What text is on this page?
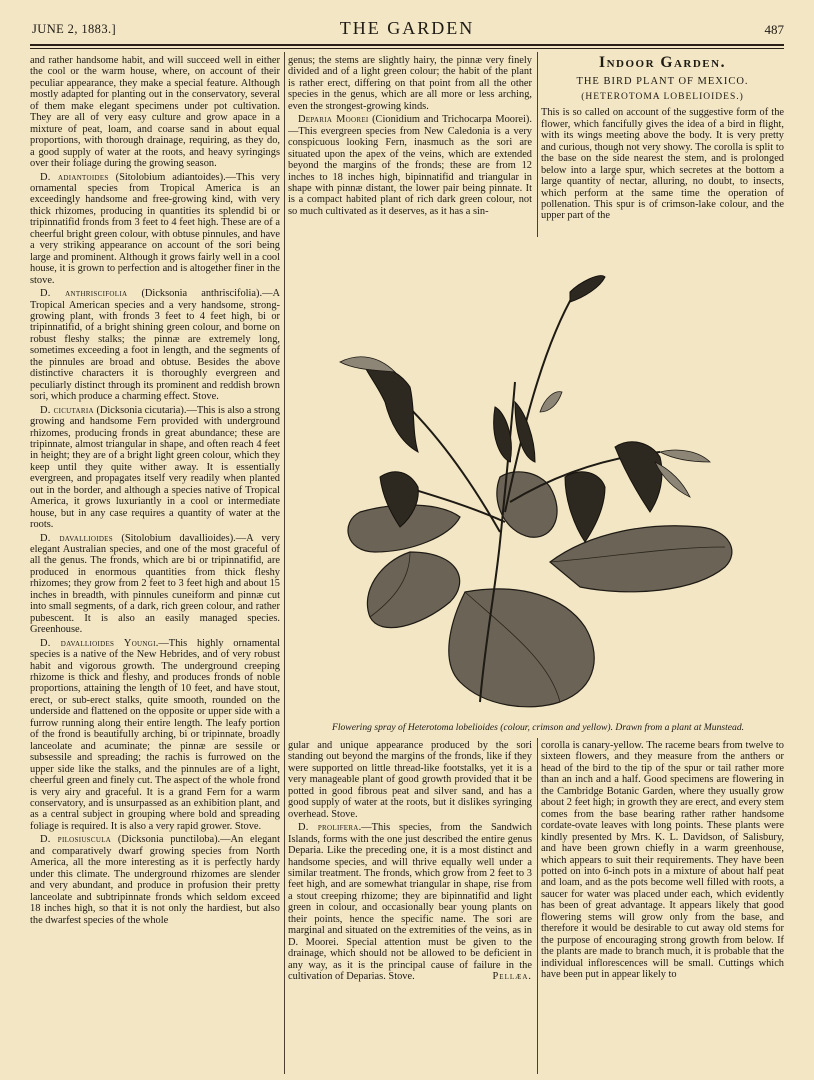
JUNE 2, 1883.]	THE GARDEN	487

and rather handsome habit, and will succeed well in either the cool or the warm house, where, on account of their peculiar appearance, they make a special feature. Although mostly adapted for planting out in the conservatory, several of them make elegant specimens under pot cultivation. They are all of very easy culture and grow apace in a mixture of peat, loam, and coarse sand in about equal proportions, with thorough drainage, requiring, as they do, a good supply of water at the roots, and heavy syringings over their foliage during the growing season.

D. adiantoides (Sitolobium adiantoides).—This very ornamental species from Tropical America is an exceedingly handsome and free-growing kind, with very thick rhizomes, producing in quantities its splendid bi or tripinnatifid fronds from 3 feet to 4 feet high. These are of a cheerful bright green colour, with obtuse pinnules, and have a very striking appearance on account of the sori being large and prominent. Although it grows fairly well in a cool house, it is grown to perfection and is altogether finer in the stove.

D. anthriscifolia (Dicksonia anthriscifolia).—A Tropical American species and a very handsome, strong-growing plant, with fronds 3 feet to 4 feet high, bi or tripinnatifid, of a bright shining green colour, and borne on robust fleshy stalks; the pinnæ are extremely long, sometimes exceeding a foot in length, and the segments of the pinnules are broad and obtuse. Besides the above distinctive characters it is thoroughly evergreen and peculiarly distinct through its prominent and reddish brown sori, which produce a charming effect. Stove.

D. cicutaria (Dicksonia cicutaria).—This is also a strong growing and handsome Fern provided with underground rhizomes, producing fronds in great abundance; these are tripinnate, almost triangular in shape, and often reach 4 feet in height; they are of a bright light green colour, which they keep until they quite wither away. It is essentially evergreen, and propagates itself very readily when planted out in the border, and although a species native of Tropical America, it grows luxuriantly in a cool or intermediate house, but in any case requires a quantity of water at the roots.

D. davallioides (Sitolobium davallioides).—A very elegant Australian species, and one of the most graceful of all the genus. The fronds, which are bi or tripinnatifid, are produced in enormous quantities from thick fleshy rhizomes; they grow from 2 feet to 3 feet high and about 15 inches in breadth, with pinnules cuneiform and pinnæ cut into small segments, of a dark, rich green colour, and rather pubescent. It is also an easily managed species. Greenhouse.

D. davallioides Youngi.—This highly ornamental species is a native of the New Hebrides, and of very robust habit and vigorous growth. The underground creeping rhizome is thick and fleshy, and produces fronds of noble proportions, attaining the length of 10 feet, and have stout, erect, or sub-erect stalks, quite smooth, rounded on the underside and flattened on the opposite or upper side with a furrow running along their entire length. The leafy portion of the frond is beautifully arching, bi or tripinnate, broadly lanceolate and acuminate; the pinnæ are sessile or subsessile and spreading; the rachis is furrowed on the upper side like the stalks, and the pinnules are of a light, cheerful green and finely cut. The aspect of the whole frond is very airy and graceful. It is a grand Fern for a warm conservatory, and is unsurpassed as an exhibition plant, and as a central subject in grouping where bold and spreading foliage is required. It is also a very rapid grower. Stove.

D. pilosiuscula (Dicksonia punctiloba).—An elegant and comparatively dwarf growing species from North America, all the more interesting as it is perfectly hardy under this climate. The underground rhizomes are slender and very abundant, and produce in profusion their pretty lanceolate and subtripinnate fronds which seldom exceed 18 inches high, so that it is not only the hardiest, but also the dwarfest species of the whole

genus; the stems are slightly hairy, the pinnæ very finely divided and of a light green colour; the habit of the plant is rather erect, differing on that point from all the other species in the genus, which are all more or less arching, even the strongest-growing kinds.

Deparia Moorei (Cionidium and Trichocarpa Moorei).—This evergreen species from New Caledonia is a very conspicuous looking Fern, inasmuch as the sori are situated upon the apex of the veins, which are extended beyond the margins of the fronds; these are from 12 inches to 18 inches high, bipinnatifid and triangular in shape with pinnæ distant, the lower pair being pinnate. It is a compact habited plant of rich dark green colour, not so much cultivated as it deserves, as it has a sin-

Indoor Garden.
THE BIRD PLANT OF MEXICO.
(HETEROTOMA LOBELIOIDES.)

This is so called on account of the suggestive form of the flower, which fancifully gives the idea of a bird in flight, with its wings meeting above the body. It is very pretty and curious, though not very showy. The corolla is split to the base on the side nearest the stem, and is prolonged below into a large spur, which secretes at the bottom a large quantity of nectar, alluring, no doubt, to insects, which perform at the same time the operation of pollenation. This spur is of crimson-lake colour, and the upper part of the

Flowering spray of Heterotoma lobelioides (colour, crimson and yellow). Drawn from a plant at Munstead.

gular and unique appearance produced by the sori standing out beyond the margins of the fronds, like if they were supported on little thread-like footstalks, yet it is a very manageable plant of good growth provided that it be potted in good fibrous peat and silver sand, and has a good supply of water at the roots, but it dislikes syringing overhead. Stove.

D. prolifera.—This species, from the Sandwich Islands, forms with the one just described the entire genus Deparia. Like the preceding one, it is a most distinct and handsome species, and will thrive equally well under a similar treatment. The fronds, which grow from 2 feet to 3 feet high, and are somewhat triangular in shape, rise from a stout creeping rhizome; they are bipinnatifid and light green in colour, and occasionally bear young plants on their points, hence the specific name. The sori are marginal and situated on the extremities of the veins, as in D. Moorei. Special attention must be given to the drainage, which should not be allowed to be deficient in any way, as it is the principal cause of failure in the cultivation of Deparias. Stove.	Pellæa.

corolla is canary-yellow. The raceme bears from twelve to sixteen flowers, and they measure from the anthers or head of the bird to the tip of the spur or tail rather more than an inch and a half. Good specimens are flowering in the Cambridge Botanic Garden, where they usually grow about 2 feet high; in growth they are erect, and every stem comes from the base bearing rather rather handsome cordate-ovate leaves with long points. These plants were kindly presented by Mrs. K. L. Davidson, of Salisbury, and have been grown chiefly in a warm greenhouse, which appears to suit their requirements. They have been potted on into 6-inch pots in a mixture of about half peat and loam, and as the pots become well filled with roots, a saucer for water was placed under each, which evidently has been of great advantage. It appears likely that good flowering stems will grow only from the base, and therefore it would be desirable to cut away old stems for the purpose of encouraging strong growth from below. If the plants are made to branch much, it is probable that the individual inflorescences will be small. Cuttings which have been put in appear likely to
